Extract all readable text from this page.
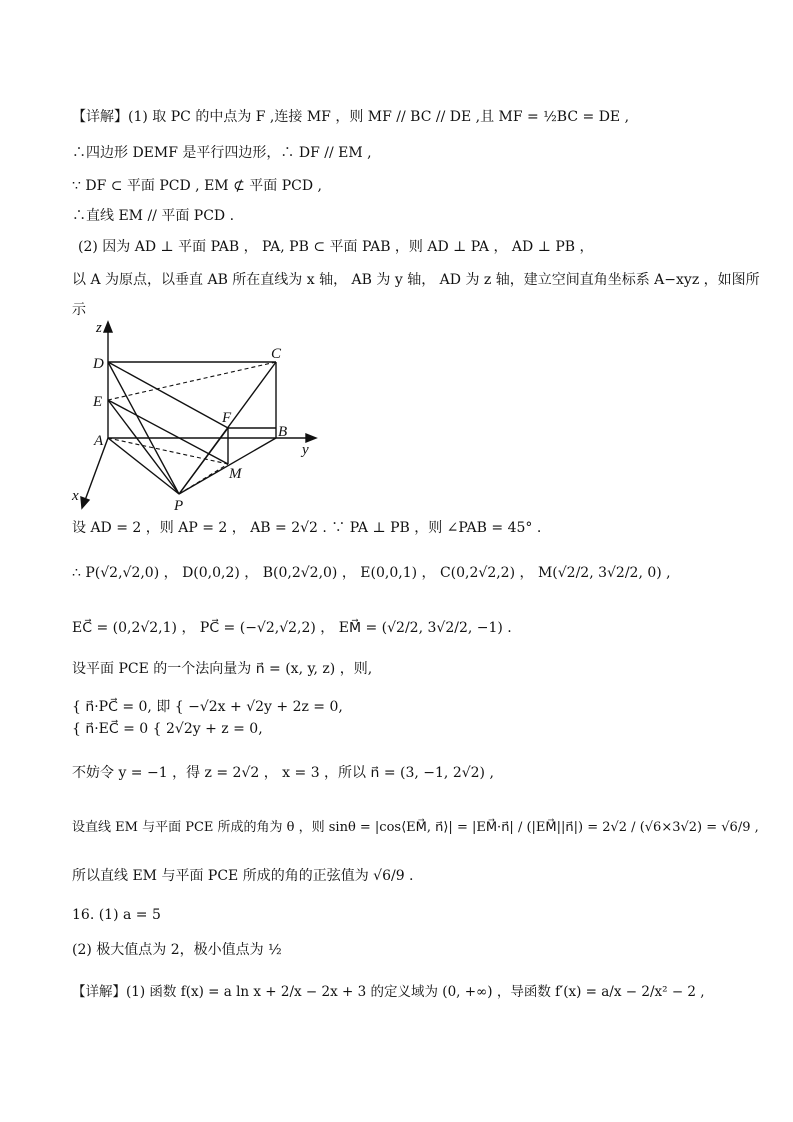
【详解】(1) 取 PC 的中点为 F ,连接 MF ，则 MF // BC // DE ,且 MF = ½BC = DE ,
∴四边形 DEMF 是平行四边形，∴ DF // EM ,
∵ DF ⊂ 平面 PCD , EM ⊄ 平面 PCD ,
∴直线 EM // 平面 PCD .
(2) 因为 AD ⊥ 平面 PAB ， PA, PB ⊂ 平面 PAB ，则 AD ⊥ PA ， AD ⊥ PB ，
以 A 为原点，以垂直 AB 所在直线为 x 轴， AB 为 y 轴， AD 为 z 轴，建立空间直角坐标系 A−xyz ，如图所
示
z
y
x
D
C
E
F
A
B
M
P
设 AD = 2 ，则 AP = 2 ， AB = 2√2 . ∵ PA ⊥ PB ，则 ∠PAB = 45° .
∴ P(√2,√2,0) ， D(0,0,2) ， B(0,2√2,0) ， E(0,0,1) ， C(0,2√2,2) ， M(√2/2, 3√2/2, 0) ,
EC⃗ = (0,2√2,1) ， PC⃗ = (−√2,√2,2) ， EM⃗ = (√2/2, 3√2/2, −1) .
设平面 PCE 的一个法向量为 n⃗ = (x, y, z) ，则,
{ n⃗·PC⃗ = 0, 即 { −√2x + √2y + 2z = 0,
{ n⃗·EC⃗ = 0 { 2√2y + z = 0,
不妨令 y = −1 ，得 z = 2√2 ， x = 3 ，所以 n⃗ = (3, −1, 2√2) ,
设直线 EM 与平面 PCE 所成的角为 θ ，则 sinθ = |cos⟨EM⃗, n⃗⟩| = |EM⃗·n⃗| / (|EM⃗||n⃗|) = 2√2 / (√6×3√2) = √6/9 ,
所以直线 EM 与平面 PCE 所成的角的正弦值为 √6/9 .
16. (1) a = 5
(2) 极大值点为 2，极小值点为 ½
【详解】(1) 函数 f(x) = a ln x + 2/x − 2x + 3 的定义域为 (0, +∞) ，导函数 f′(x) = a/x − 2/x² − 2 ,
